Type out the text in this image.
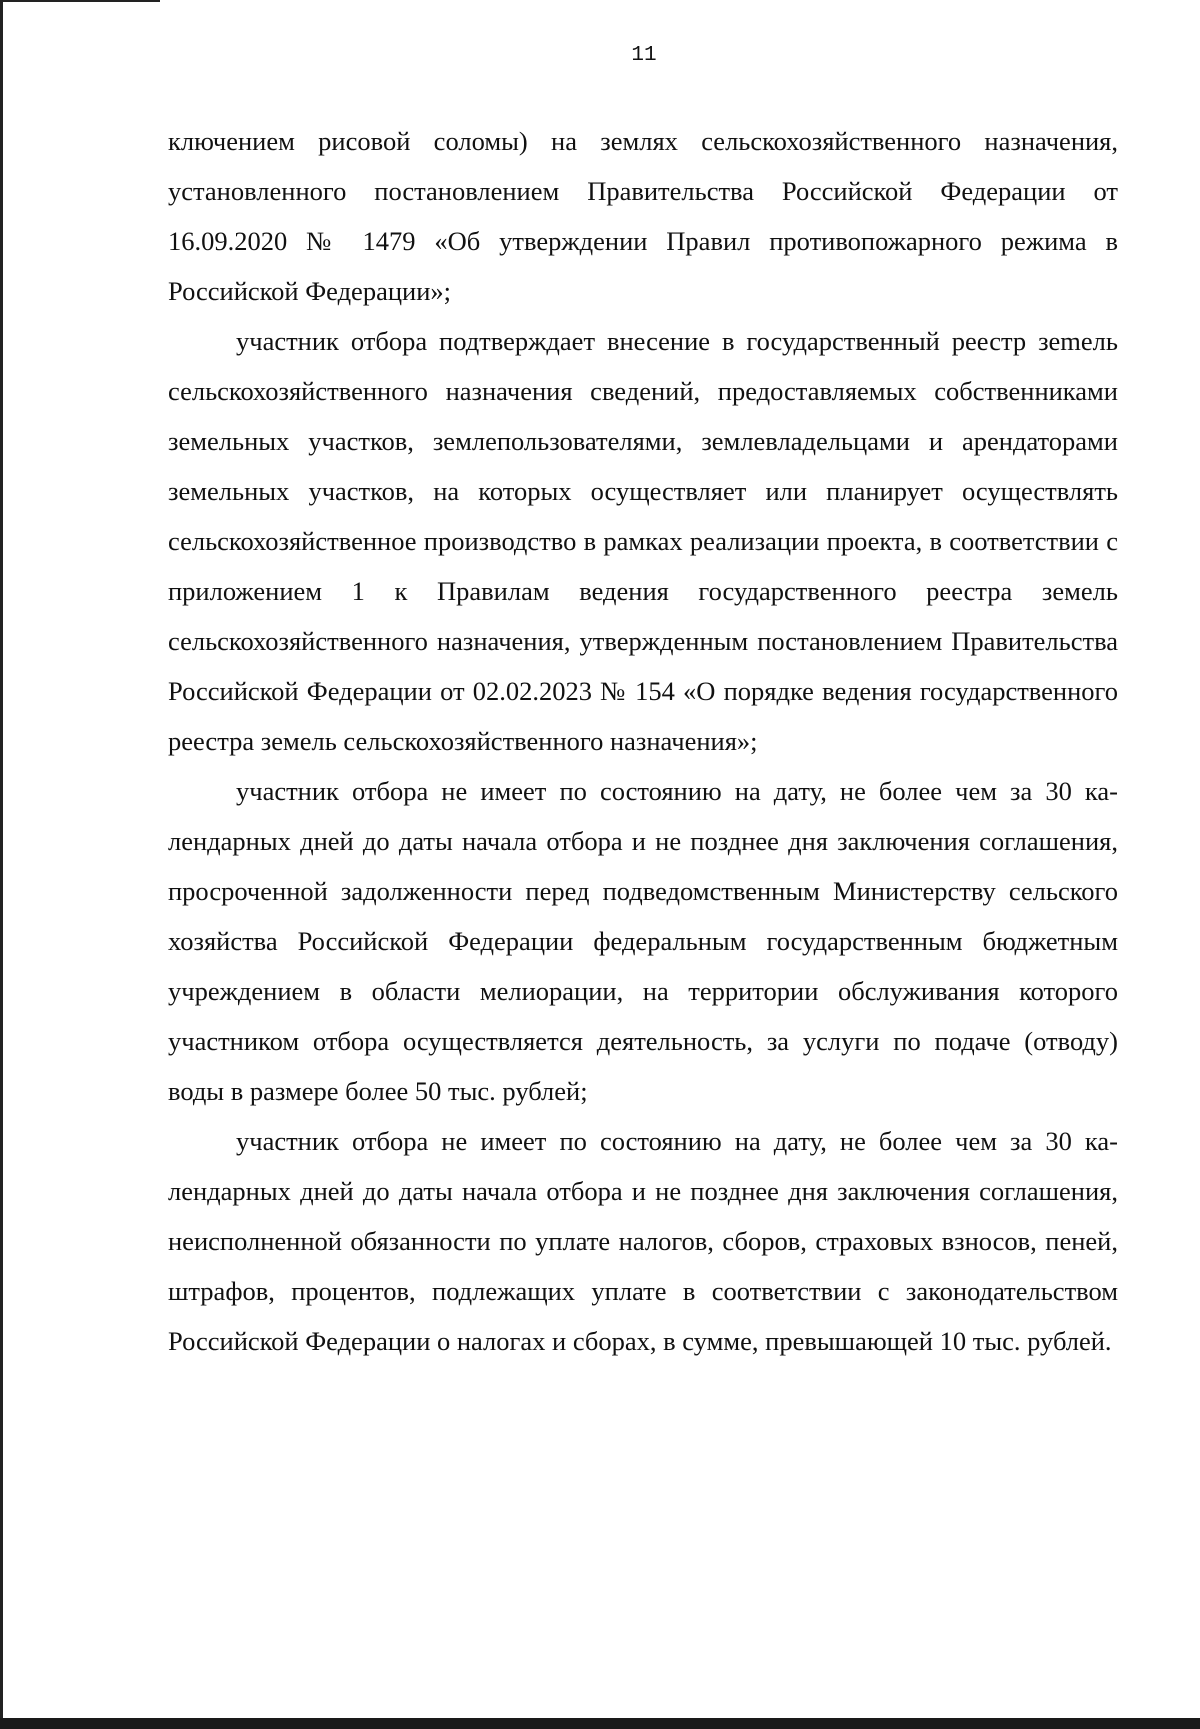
11

ключением рисовой соломы) на землях сельскохозяйственного назначения, установленного постановлением Правительства Российской Федерации от 16.09.2020 № 1479 «Об утверждении Правил противопожарного режима в Российской Федерации»;

участник отбора подтверждает внесение в государственный реестр зеmель сельскохозяйственного назначения сведений, предоставляемых собственниками земельных участков, землепользователями, землевладельцами и арендаторами земельных участков, на которых осуществляет или планирует осуществлять сельскохозяйственное производство в рамках реализации проекта, в соответствии с приложением 1 к Правилам ведения государственного реестра земель сельскохозяйственного назначения, утвержденным постановлением Правительства Российской Федерации от 02.02.2023 № 154 «О порядке ведения государственного реестра земель сельскохозяйственного назначения»;

участник отбора не имеет по состоянию на дату, не более чем за 30 календарных дней до даты начала отбора и не позднее дня заключения соглашения, просроченной задолженности перед подведомственным Министерству сельского хозяйства Российской Федерации федеральным государственным бюджетным учреждением в области мелиорации, на территории обслуживания которого участником отбора осуществляется деятельность, за услуги по подаче (отводу) воды в размере более 50 тыс. рублей;

участник отбора не имеет по состоянию на дату, не более чем за 30 календарных дней до даты начала отбора и не позднее дня заключения соглашения, неисполненной обязанности по уплате налогов, сборов, страховых взносов, пеней, штрафов, процентов, подлежащих уплате в соответствии с законодательством Российской Федерации о налогах и сборах, в сумме, превышающей 10 тыс. рублей.
